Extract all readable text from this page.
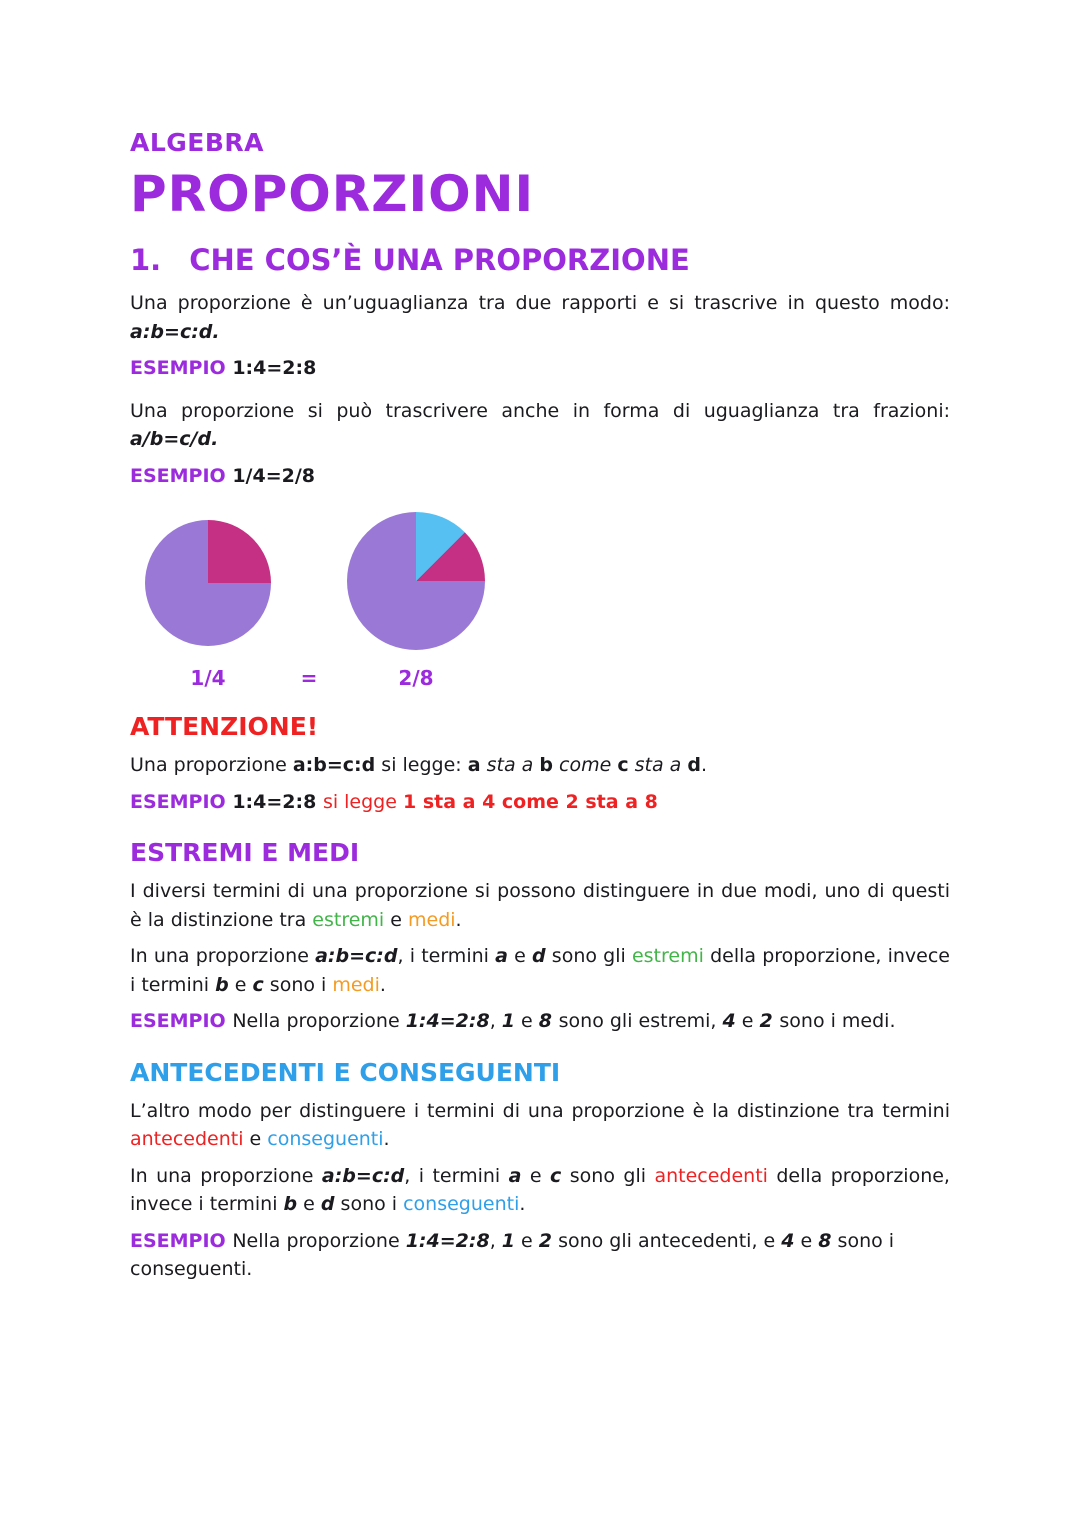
ALGEBRA
PROPORZIONI
1. CHE COS’È UNA PROPORZIONE

Una proporzione è un’uguaglianza tra due rapporti e si trascrive in questo modo: a:b=c:d.

ESEMPIO 1:4=2:8

Una proporzione si può trascrivere anche in forma di uguaglianza tra frazioni: a/b=c/d.

ESEMPIO 1/4=2/8

1/4	=	2/8
ATTENZIONE!

Una proporzione a:b=c:d si legge: a sta a b come c sta a d.

ESEMPIO 1:4=2:8 si legge 1 sta a 4 come 2 sta a 8

ESTREMI E MEDI

I diversi termini di una proporzione si possono distinguere in due modi, uno di questi è la distinzione tra estremi e medi.

In una proporzione a:b=c:d, i termini a e d sono gli estremi della proporzione, invece i termini b e c sono i medi.

ESEMPIO Nella proporzione 1:4=2:8, 1 e 8 sono gli estremi, 4 e 2 sono i medi.

ANTECEDENTI E CONSEGUENTI

L’altro modo per distinguere i termini di una proporzione è la distinzione tra termini antecedenti e conseguenti.

In una proporzione a:b=c:d, i termini a e c sono gli antecedenti della proporzione, invece i termini b e d sono i conseguenti.

ESEMPIO Nella proporzione 1:4=2:8, 1 e 2 sono gli antecedenti, e 4 e 8 sono i conseguenti.
